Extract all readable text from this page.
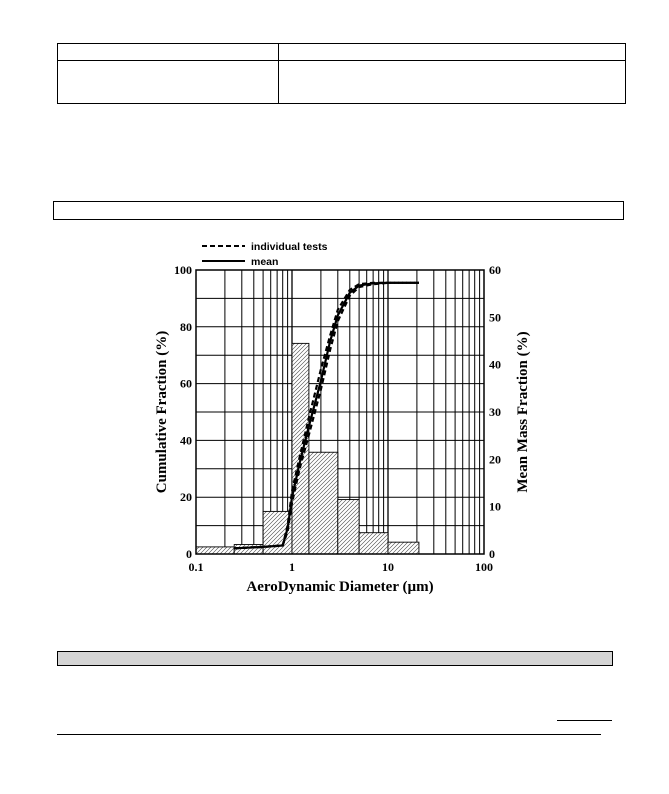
individual tests
mean
0
20
40
60
80
100
0
10
20
30
40
50
60
0.1	1	10	100
Cumulative Fraction (%)	Mean Mass Fraction (%)
AeroDynamic Diameter (µm)
